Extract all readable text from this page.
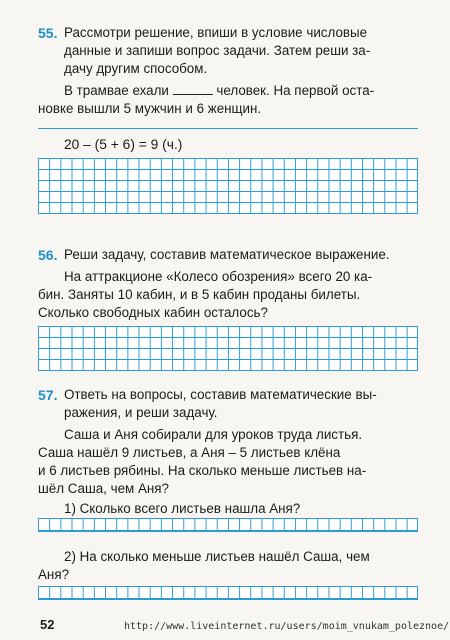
55. Рассмотри решение, впиши в условие числовые

данные и запиши вопрос задачи. Затем реши за-

дачу другим способом.

В трамвае ехали	человек. На первой оста-

новке вышли 5 мужчин и 6 женщин.

20 – (5 + 6) = 9 (ч.)

56. Реши задачу, составив математическое выражение.

На аттракционе «Колесо обозрения» всего 20 ка-

бин. Заняты 10 кабин, и в 5 кабин проданы билеты.

Сколько свободных кабин осталось?

57. Ответь на вопросы, составив математические вы-

ражения, и реши задачу.

Саша и Аня собирали для уроков труда листья.

Саша нашёл 9 листьев, а Аня – 5 листьев клёна

и 6 листьев рябины. На сколько меньше листьев на-

шёл Саша, чем Аня?

1) Сколько всего листьев нашла Аня?

2) На сколько меньше листьев нашёл Саша, чем

Аня?

52	http://www.liveinternet.ru/users/moim_vnukam_poleznoe/
